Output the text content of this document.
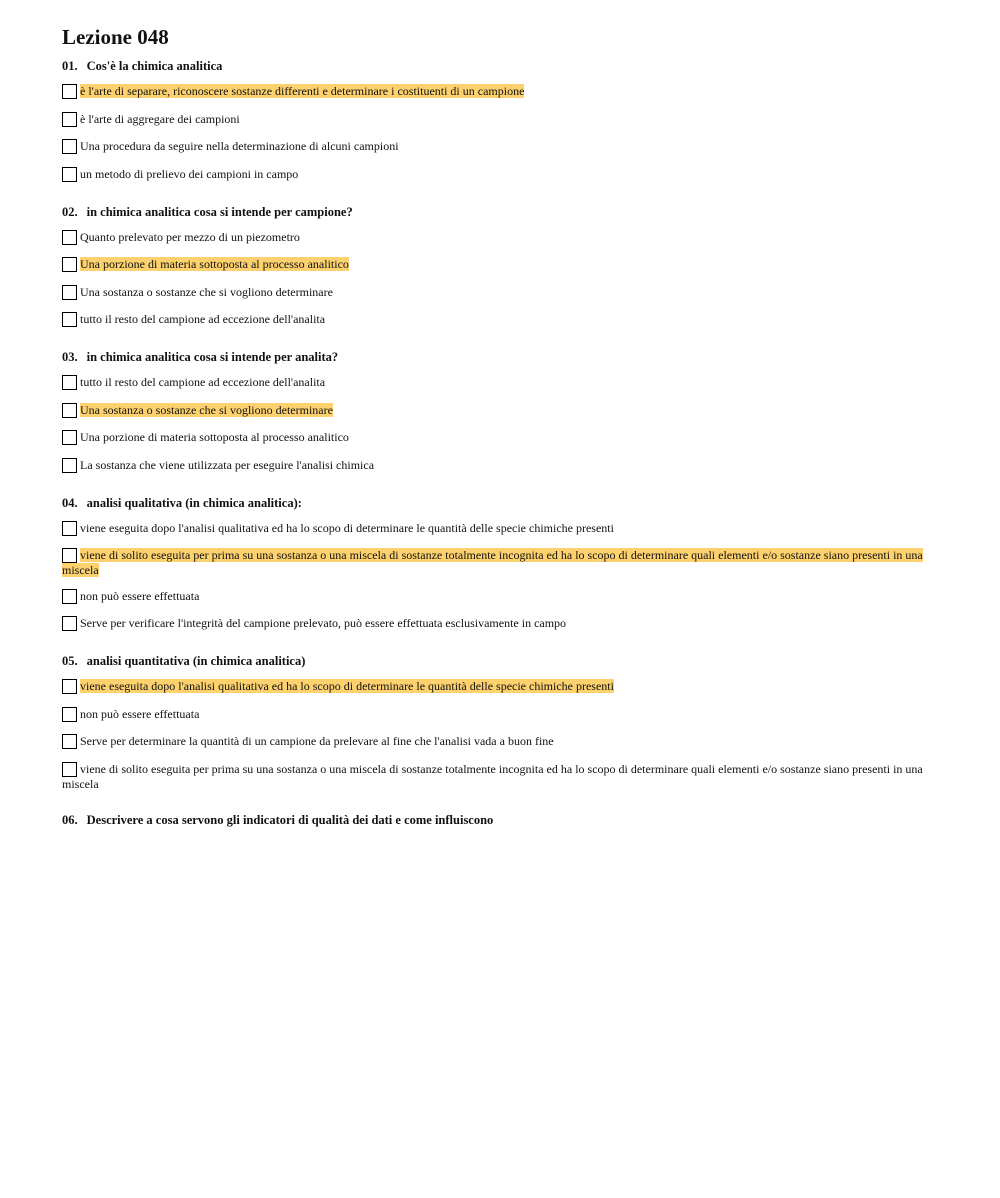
Lezione 048
01. Cos'è la chimica analitica
è l'arte di separare, riconoscere sostanze differenti e determinare i costituenti di un campione
è l'arte di aggregare dei campioni
Una procedura da seguire nella determinazione di alcuni campioni
un metodo di prelievo dei campioni in campo
02. in chimica analitica cosa si intende per campione?
Quanto prelevato per mezzo di un piezometro
Una porzione di materia sottoposta al processo analitico
Una sostanza o sostanze che si vogliono determinare
tutto il resto del campione ad eccezione dell'analita
03. in chimica analitica cosa si intende per analita?
tutto il resto del campione ad eccezione dell'analita
Una sostanza o sostanze che si vogliono determinare
Una porzione di materia sottoposta al processo analitico
La sostanza che viene utilizzata per eseguire l'analisi chimica
04. analisi qualitativa (in chimica analitica):
viene eseguita dopo l'analisi qualitativa ed ha lo scopo di determinare le quantità delle specie chimiche presenti
viene di solito eseguita per prima su una sostanza o una miscela di sostanze totalmente incognita ed ha lo scopo di determinare quali elementi e/o sostanze siano presenti in una miscela
non può essere effettuata
Serve per verificare l'integrità del campione prelevato, può essere effettuata esclusivamente in campo
05. analisi quantitativa (in chimica analitica)
viene eseguita dopo l'analisi qualitativa ed ha lo scopo di determinare le quantità delle specie chimiche presenti
non può essere effettuata
Serve per determinare la quantità di un campione da prelevare al fine che l'analisi vada a buon fine
viene di solito eseguita per prima su una sostanza o una miscela di sostanze totalmente incognita ed ha lo scopo di determinare quali elementi e/o sostanze siano presenti in una miscela
06. Descrivere a cosa servono gli indicatori di qualità dei dati e come influiscono
